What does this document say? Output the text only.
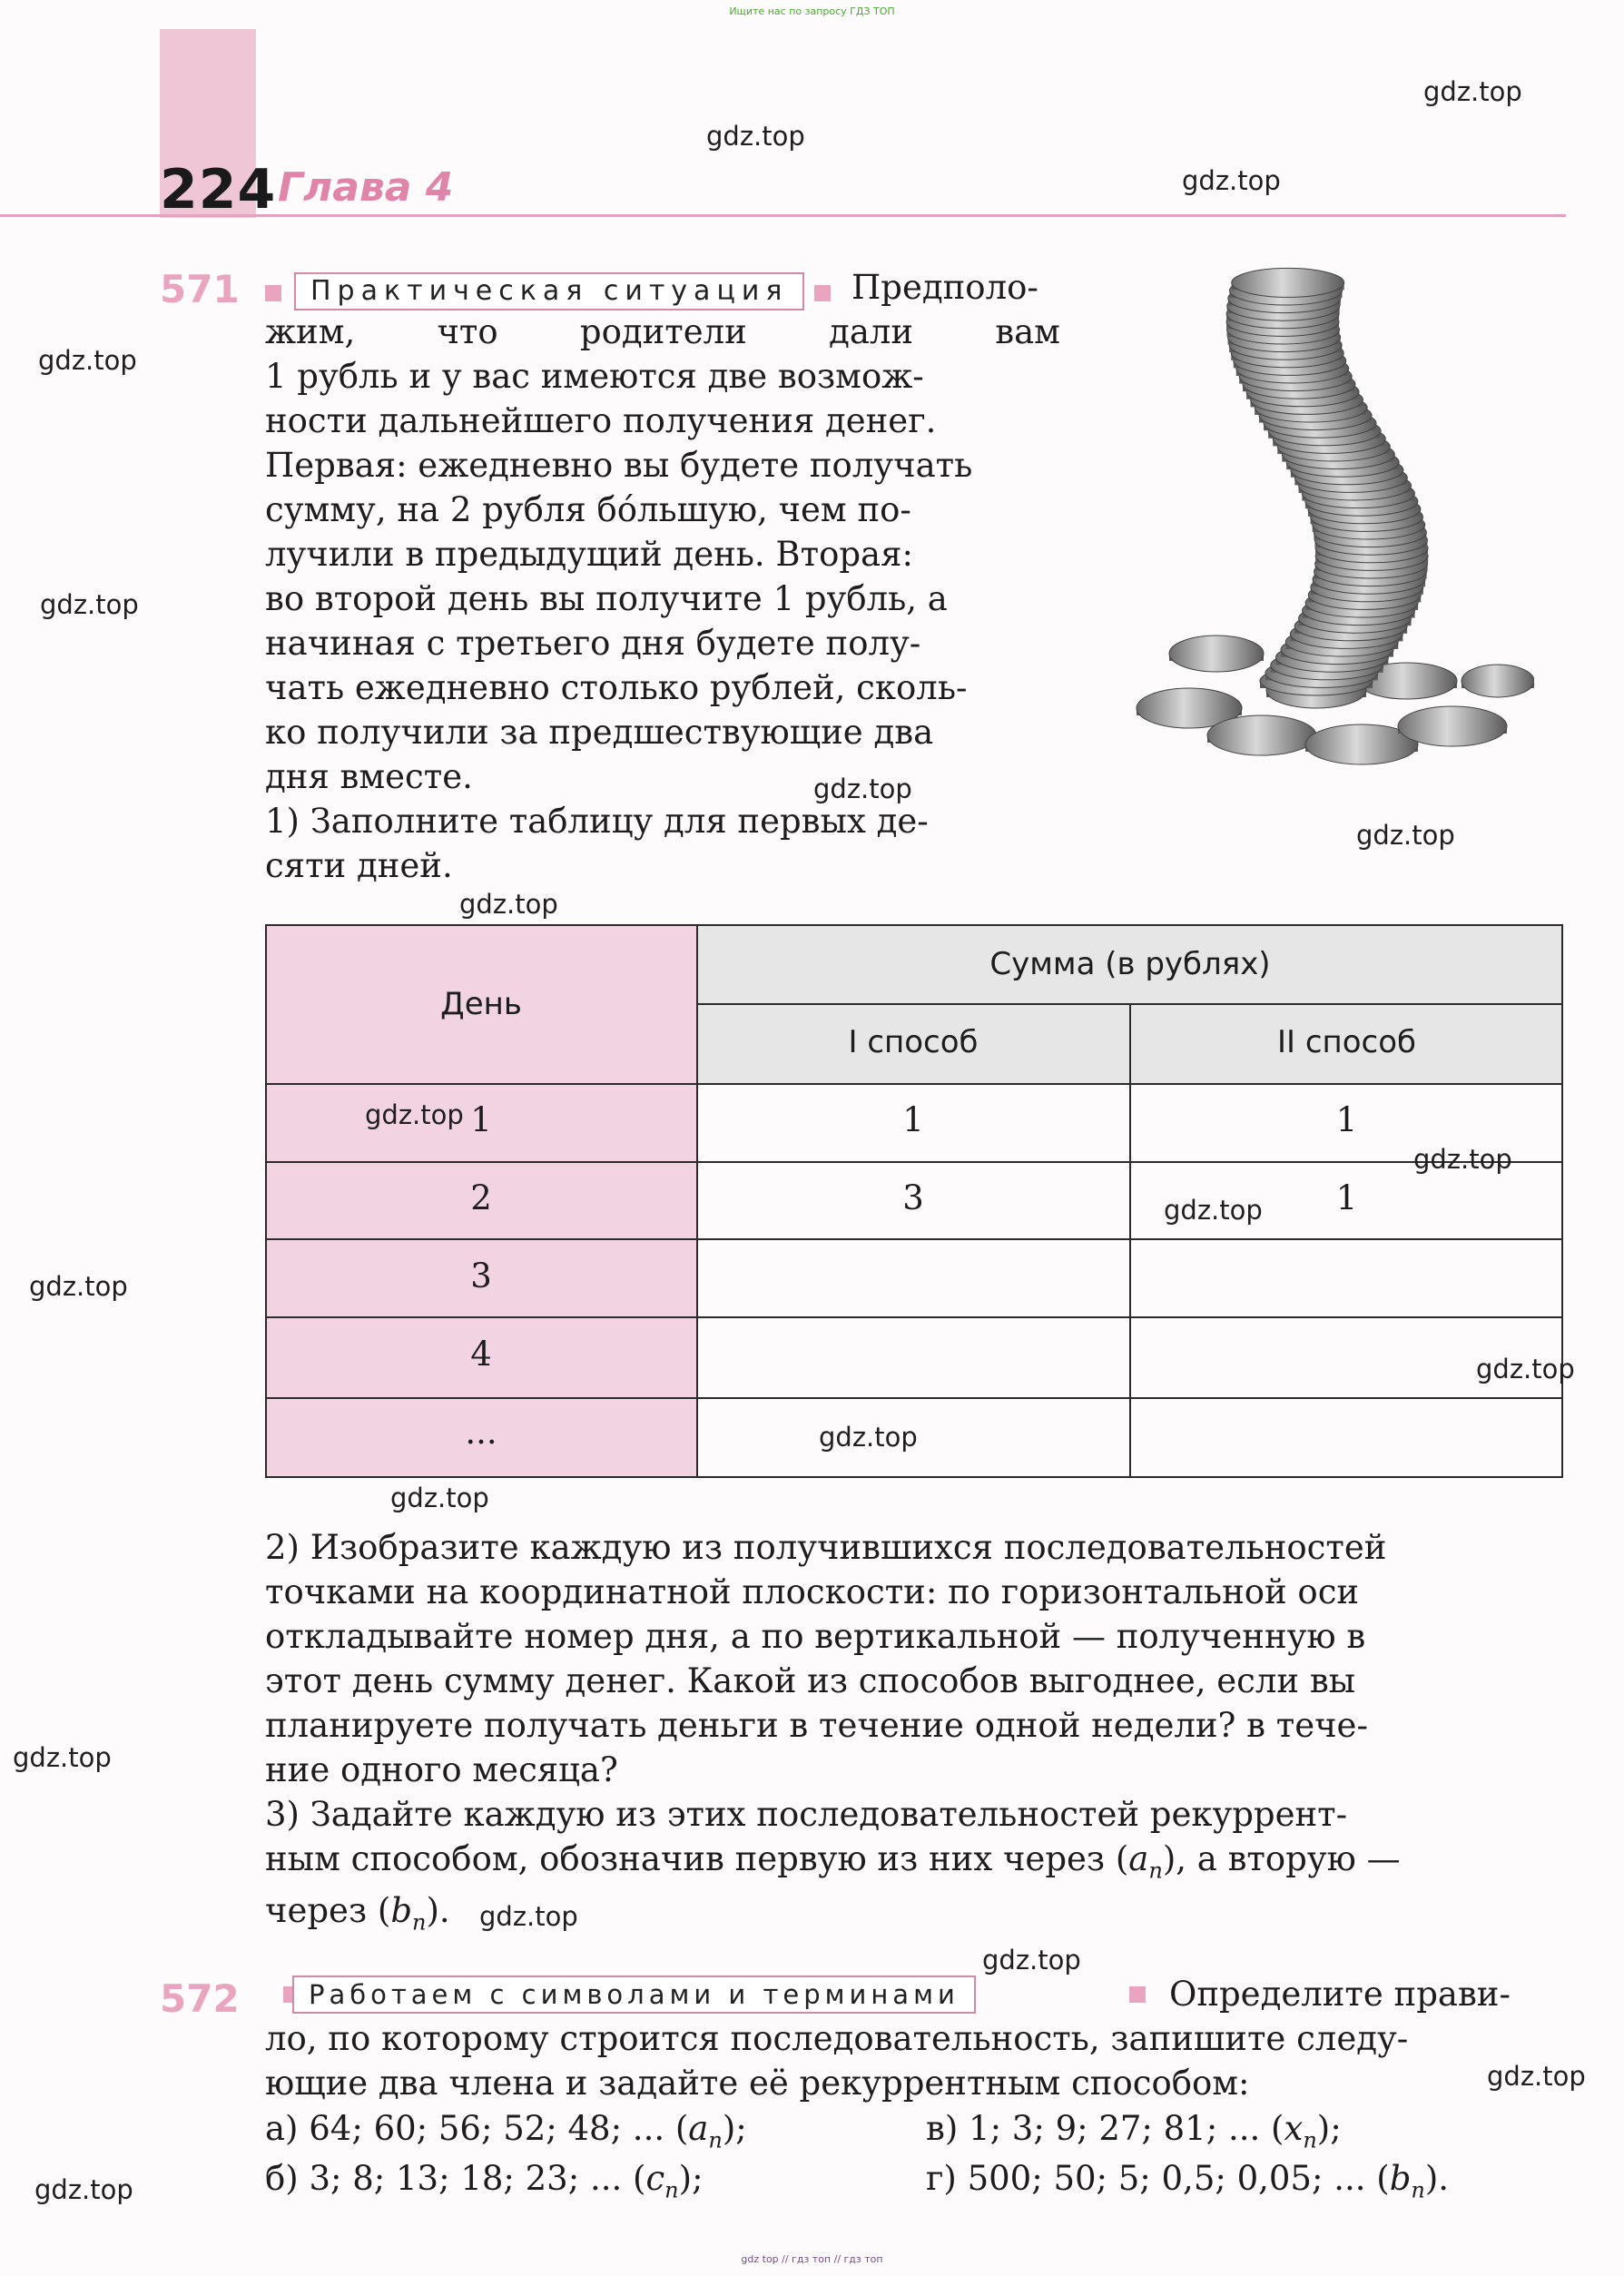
Ищите нас по запросу ГДЗ ТОП
224 Глава 4
571	Практическая ситуация	Предполо-
жим, что родители дали вам
1 рубль и у вас имеются две возмож-
ности дальнейшего получения денег.
Первая: ежедневно вы будете получать
сумму, на 2 рубля бóльшую, чем по-
лучили в предыдущий день. Вторая:
во второй день вы получите 1 рубль, а
начиная с третьего дня будете полу-
чать ежедневно столько рублей, сколь-
ко получили за предшествующие два
дня вместе.
1) Заполните таблицу для первых де-
сяти дней.
День
Сумма (в рублях)
I способ	II способ
1	1	1
2	3	1
3
4
...
2) Изобразите каждую из получившихся последовательностей
точками на координатной плоскости: по горизонтальной оси
откладывайте номер дня, а по вертикальной — полученную в
этот день сумму денег. Какой из способов выгоднее, если вы
планируете получать деньги в течение одной недели? в тече-
ние одного месяца?
3) Задайте каждую из этих последовательностей рекуррент-
ным способом, обозначив первую из них через $(a_n)$, а вторую —
через $(b_n)$.
572	Работаем с символами и терминами	Определите прави-
ло, по которому строится последовательность, запишите следу-
ющие два члена и задайте её рекуррентным способом:
а) 64; 60; 56; 52; 48; ... $(a_n)$;	в) 1; 3; 9; 27; 81; ... $(x_n)$;
б) 3; 8; 13; 18; 23; ... $(c_n)$;	г) 500; 50; 5; 0,5; 0,05; ... $(b_n)$.
gdz.top
gdz.top
gdz.top
gdz.top
gdz.top
gdz.top
gdz.top
gdz.top
gdz.top
gdz.top
gdz.top
gdz.top
gdz.top
gdz.top
gdz.top
gdz.top
gdz.top
gdz.top
gdz.top
gdz.top
gdz top // гдз топ // гдз топ
